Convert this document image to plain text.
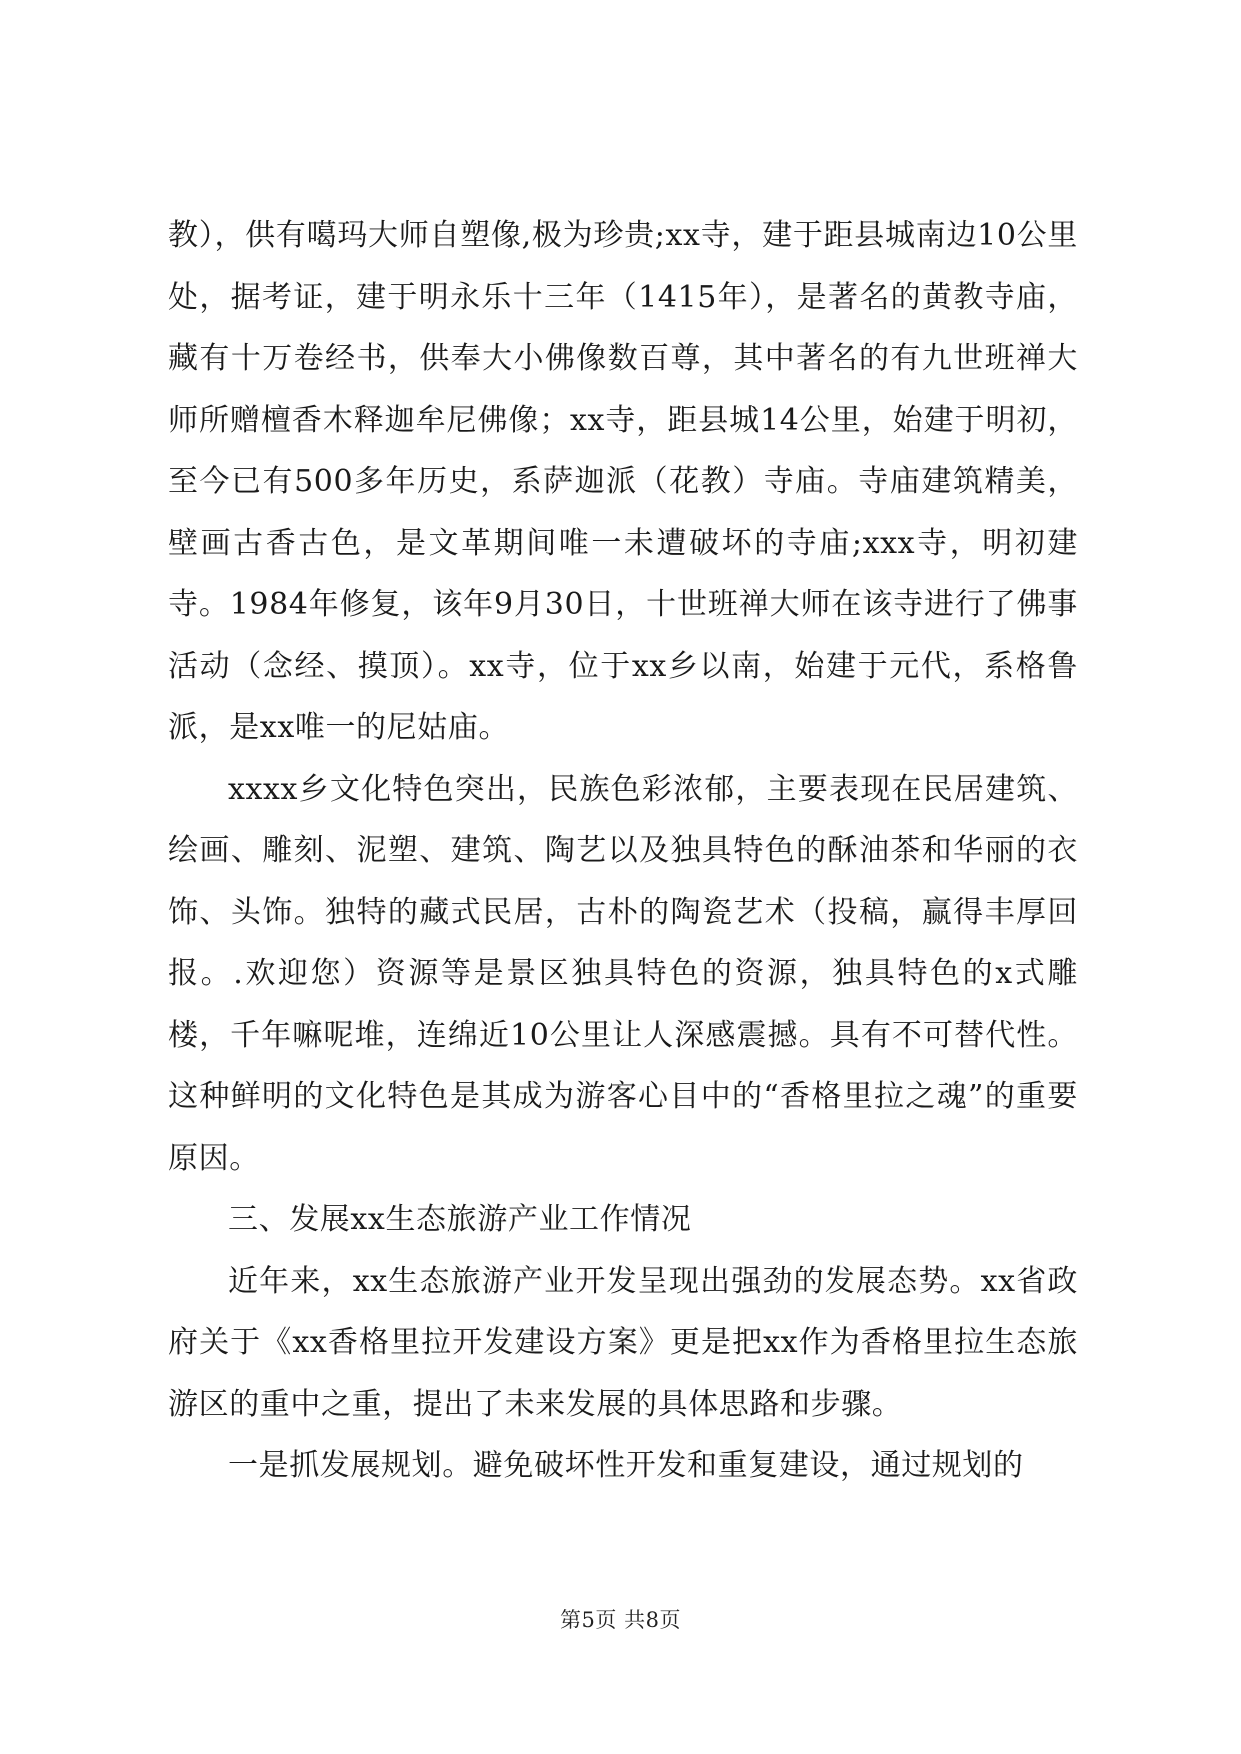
教），供有噶玛大师自塑像,极为珍贵;xx寺，建于距县城南边10公里处，据考证，建于明永乐十三年（1415年），是著名的黄教寺庙，藏有十万卷经书，供奉大小佛像数百尊，其中著名的有九世班禅大师所赠檀香木释迦牟尼佛像；xx寺，距县城14公里，始建于明初，至今已有500多年历史，系萨迦派（花教）寺庙。寺庙建筑精美，壁画古香古色，是文革期间唯一未遭破坏的寺庙;xxx寺，明初建寺。1984年修复，该年9月30日，十世班禅大师在该寺进行了佛事活动（念经、摸顶）。xx寺，位于xx乡以南，始建于元代，系格鲁派，是xx唯一的尼姑庙。

xxxx乡文化特色突出，民族色彩浓郁，主要表现在民居建筑、绘画、雕刻、泥塑、建筑、陶艺以及独具特色的酥油茶和华丽的衣饰、头饰。独特的藏式民居，古朴的陶瓷艺术（投稿，赢得丰厚回报。.欢迎您）资源等是景区独具特色的资源，独具特色的x式雕楼，千年嘛呢堆，连绵近10公里让人深感震撼。具有不可替代性。这种鲜明的文化特色是其成为游客心目中的“香格里拉之魂”的重要原因。

三、发展xx生态旅游产业工作情况

近年来，xx生态旅游产业开发呈现出强劲的发展态势。xx省政府关于《xx香格里拉开发建设方案》更是把xx作为香格里拉生态旅游区的重中之重，提出了未来发展的具体思路和步骤。

一是抓发展规划。避免破坏性开发和重复建设，通过规划的

第5页 共8页
